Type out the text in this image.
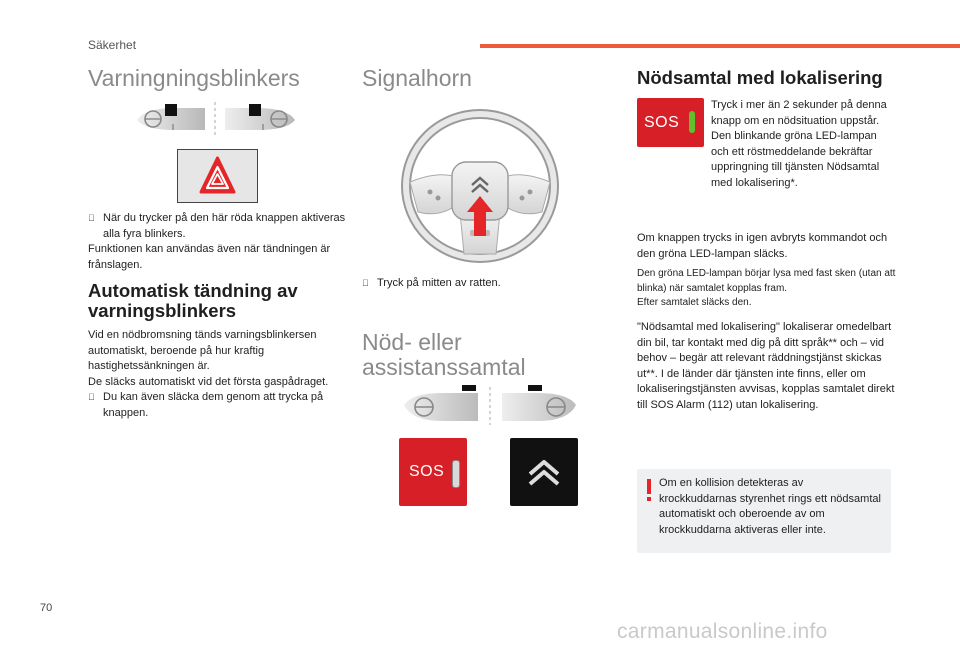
Säkerhet
Varningningsblinkers
När du trycker på den här röda knappen aktiveras alla fyra blinkers.

Funktionen kan användas även när tändningen är frånslagen.

Automatisk tändning av varningsblinkers

Vid en nödbromsning tänds varningsblinkersen automatiskt, beroende på hur kraftig hastighetssänkningen är.

De släcks automatiskt vid det första gaspådraget.

Du kan även släcka dem genom att trycka på knappen.
Signalhorn
Tryck på mitten av ratten.
Nöd- eller assistanssamtal
SOS
Nödsamtal med lokalisering
SOS

Tryck i mer än 2 sekunder på denna knapp om en nödsituation uppstår.

Den blinkande gröna LED-lampan och ett röstmeddelande bekräftar uppringning till tjänsten Nödsamtal med lokalisering*.

Om knappen trycks in igen avbryts kommandot och den gröna LED-lampan släcks.

Den gröna LED-lampan börjar lysa med fast sken (utan att blinka) när samtalet kopplas fram.

Efter samtalet släcks den.

"Nödsamtal med lokalisering" lokaliserar omedelbart din bil, tar kontakt med dig på ditt språk** och – vid behov – begär att relevant räddningstjänst skickas ut**. I de länder där tjänsten inte finns, eller om lokaliseringstjänsten avvisas, kopplas samtalet direkt till SOS Alarm (112) utan lokalisering.

Om en kollision detekteras av krockkuddarnas styrenhet rings ett nödsamtal automatiskt och oberoende av om krockkuddarna aktiveras eller inte.

70
carmanualsonline.info
